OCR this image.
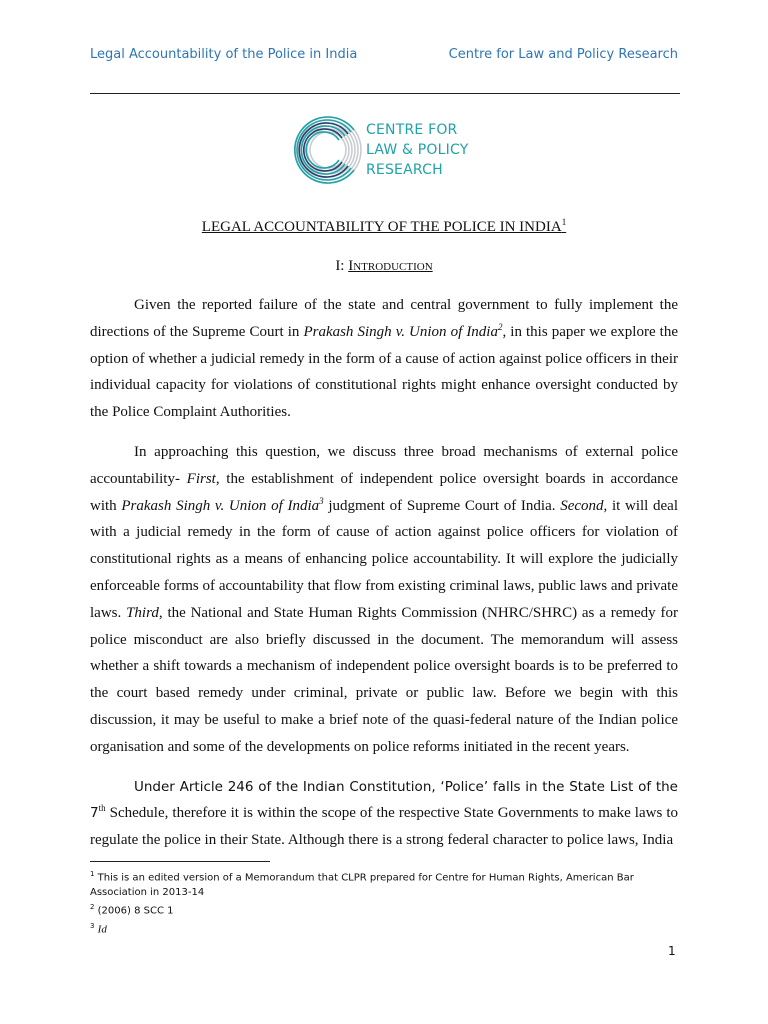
Legal Accountability of the Police in India	Centre for Law and Policy Research
CENTRE FOR
LAW & POLICY
RESEARCH
LEGAL ACCOUNTABILITY OF THE POLICE IN INDIA$^1$
I: Introduction

Given the reported failure of the state and central government to fully implement the directions of the Supreme Court in Prakash Singh v. Union of India$^2$, in this paper we explore the option of whether a judicial remedy in the form of a cause of action against police officers in their individual capacity for violations of constitutional rights might enhance oversight conducted by the Police Complaint Authorities.

In approaching this question, we discuss three broad mechanisms of external police accountability- First, the establishment of independent police oversight boards in accordance with Prakash Singh v. Union of India$^3$ judgment of Supreme Court of India. Second, it will deal with a judicial remedy in the form of cause of action against police officers for violation of constitutional rights as a means of enhancing police accountability. It will explore the judicially enforceable forms of accountability that flow from existing criminal laws, public laws and private laws. Third, the National and State Human Rights Commission (NHRC/SHRC) as a remedy for police misconduct are also briefly discussed in the document. The memorandum will assess whether a shift towards a mechanism of independent police oversight boards is to be preferred to the court based remedy under criminal, private or public law. Before we begin with this discussion, it may be useful to make a brief note of the quasi-federal nature of the Indian police organisation and some of the developments on police reforms initiated in the recent years.

Under Article 246 of the Indian Constitution, ‘Police’ falls in the State List of the 7th Schedule, therefore it is within the scope of the respective State Governments to make laws to regulate the police in their State. Although there is a strong federal character to police laws, India

$^1$ This is an edited version of a Memorandum that CLPR prepared for Centre for Human Rights, American Bar Association in 2013-14
$^2$ (2006) 8 SCC 1
$^3$ Id
1
